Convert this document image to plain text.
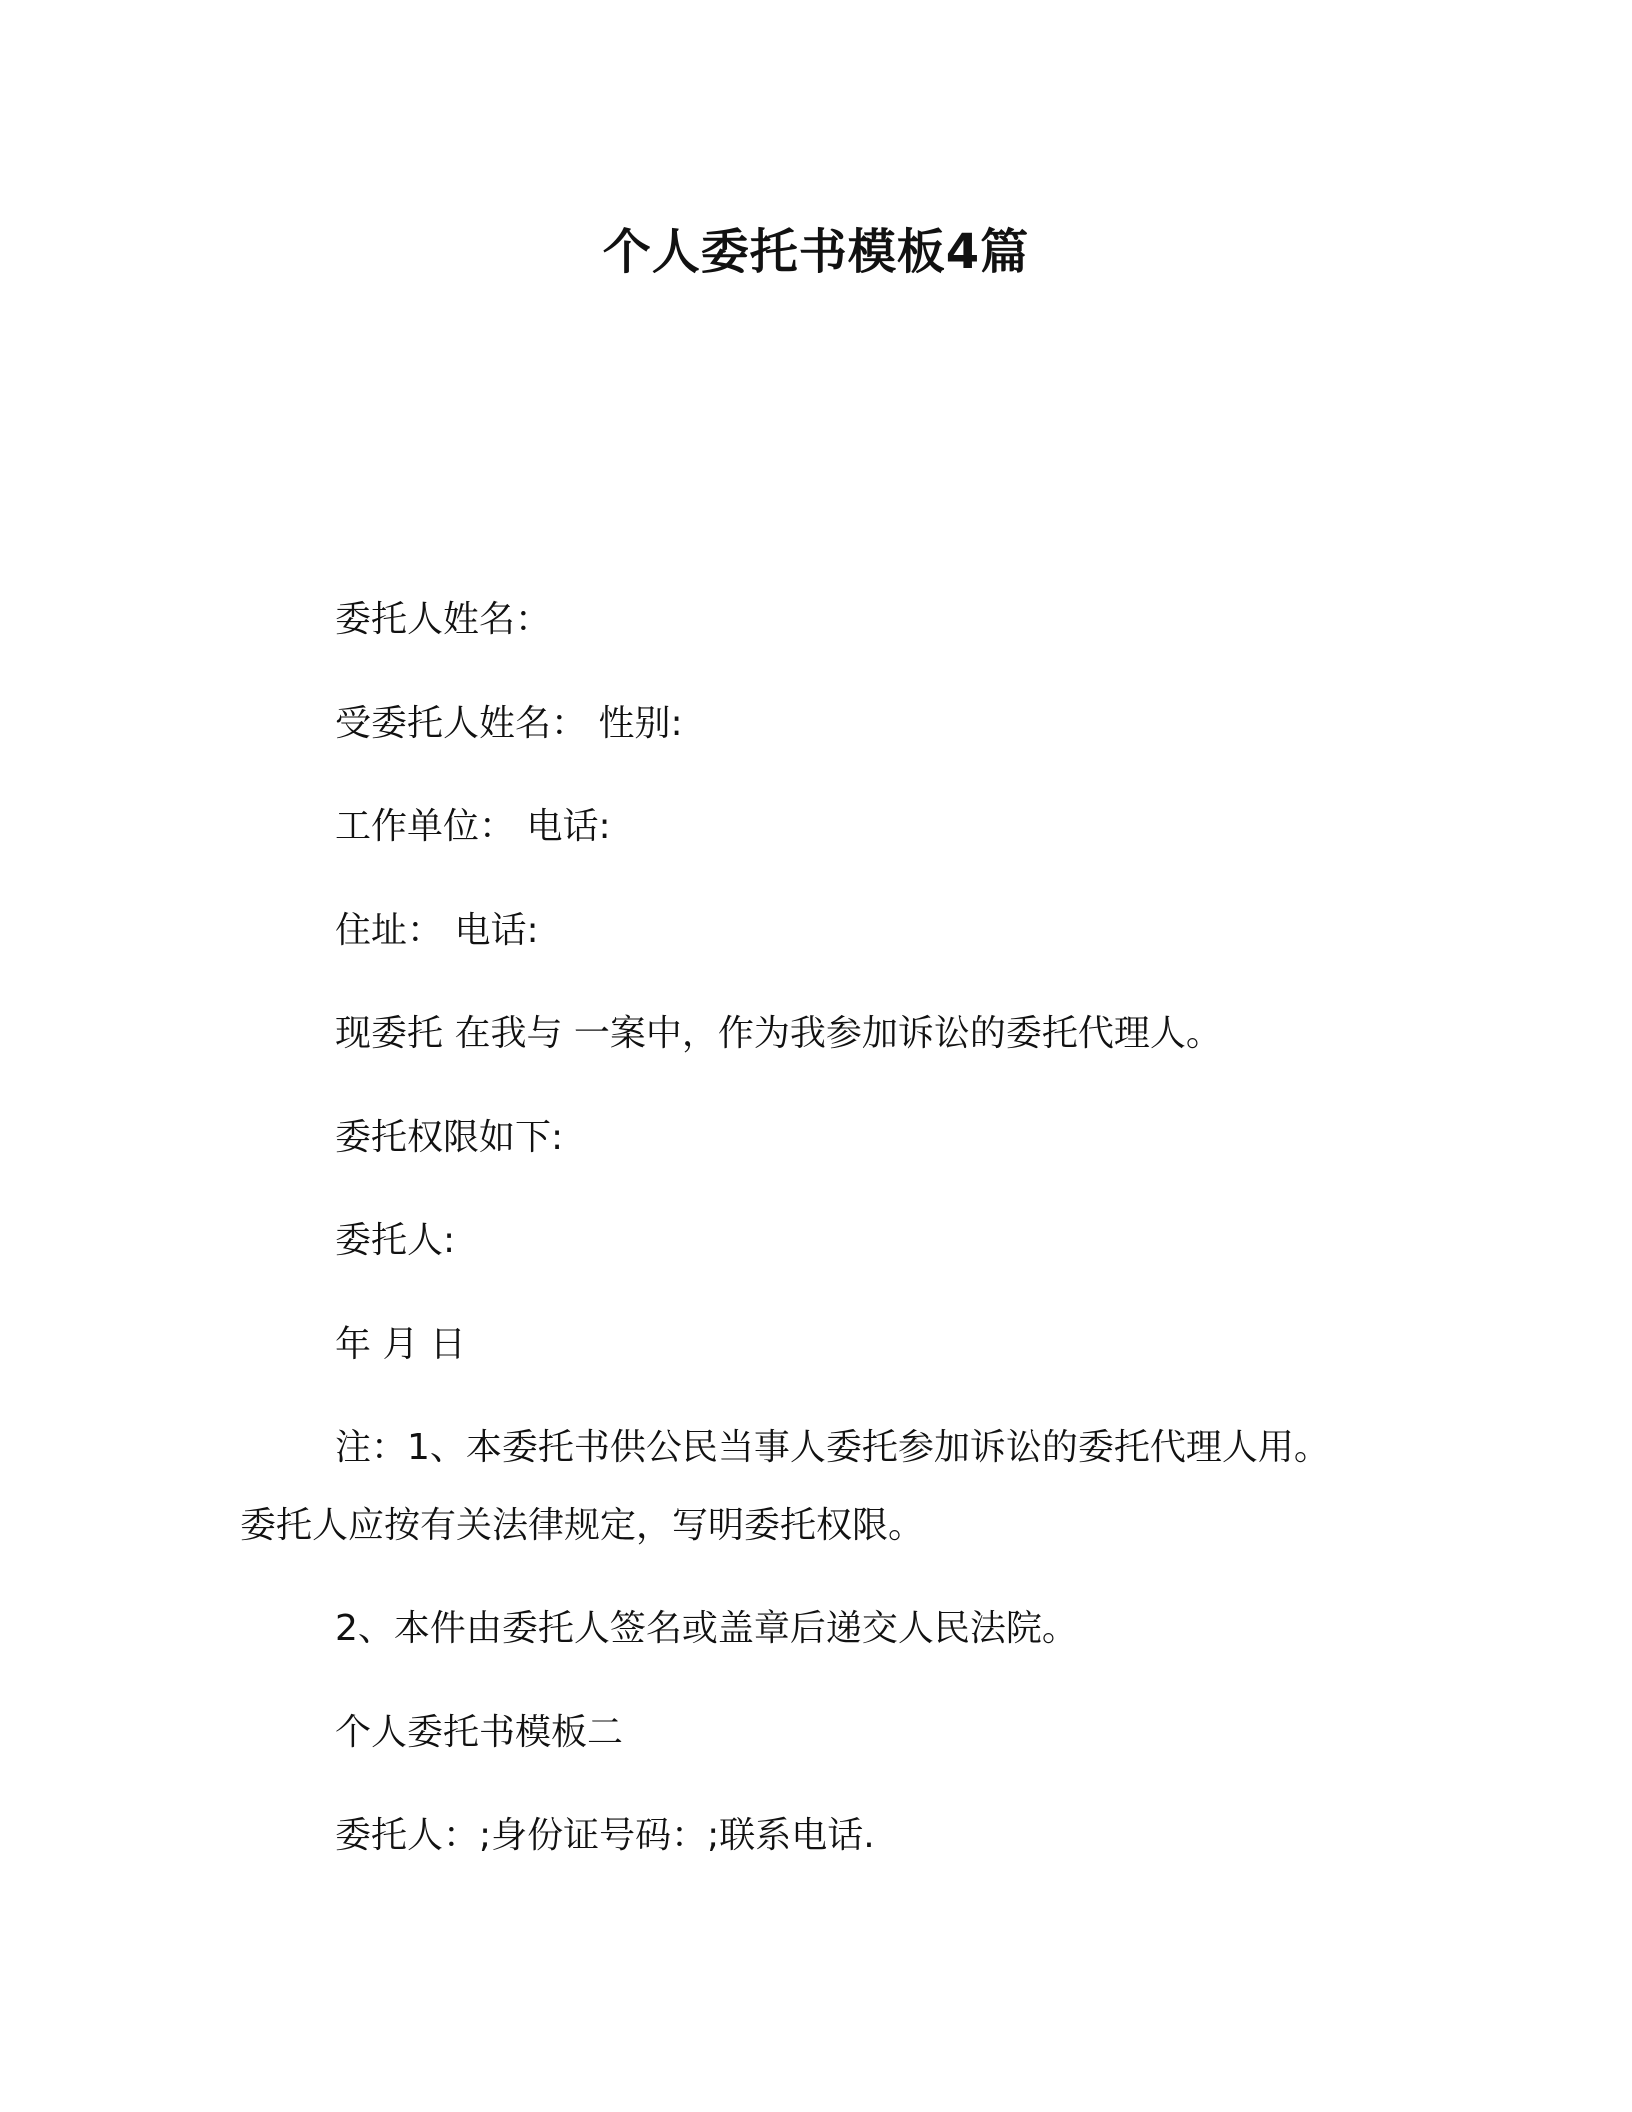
个人委托书模板4篇
委托人姓名：
受委托人姓名： 性别:
工作单位： 电话:
住址： 电话:
现委托 在我与 一案中，作为我参加诉讼的委托代理人。
委托权限如下:
委托人:
年 月 日
注：1、本委托书供公民当事人委托参加诉讼的委托代理人用。
委托人应按有关法律规定，写明委托权限。
2、本件由委托人签名或盖章后递交人民法院。
个人委托书模板二
委托人：;身份证号码：;联系电话.
